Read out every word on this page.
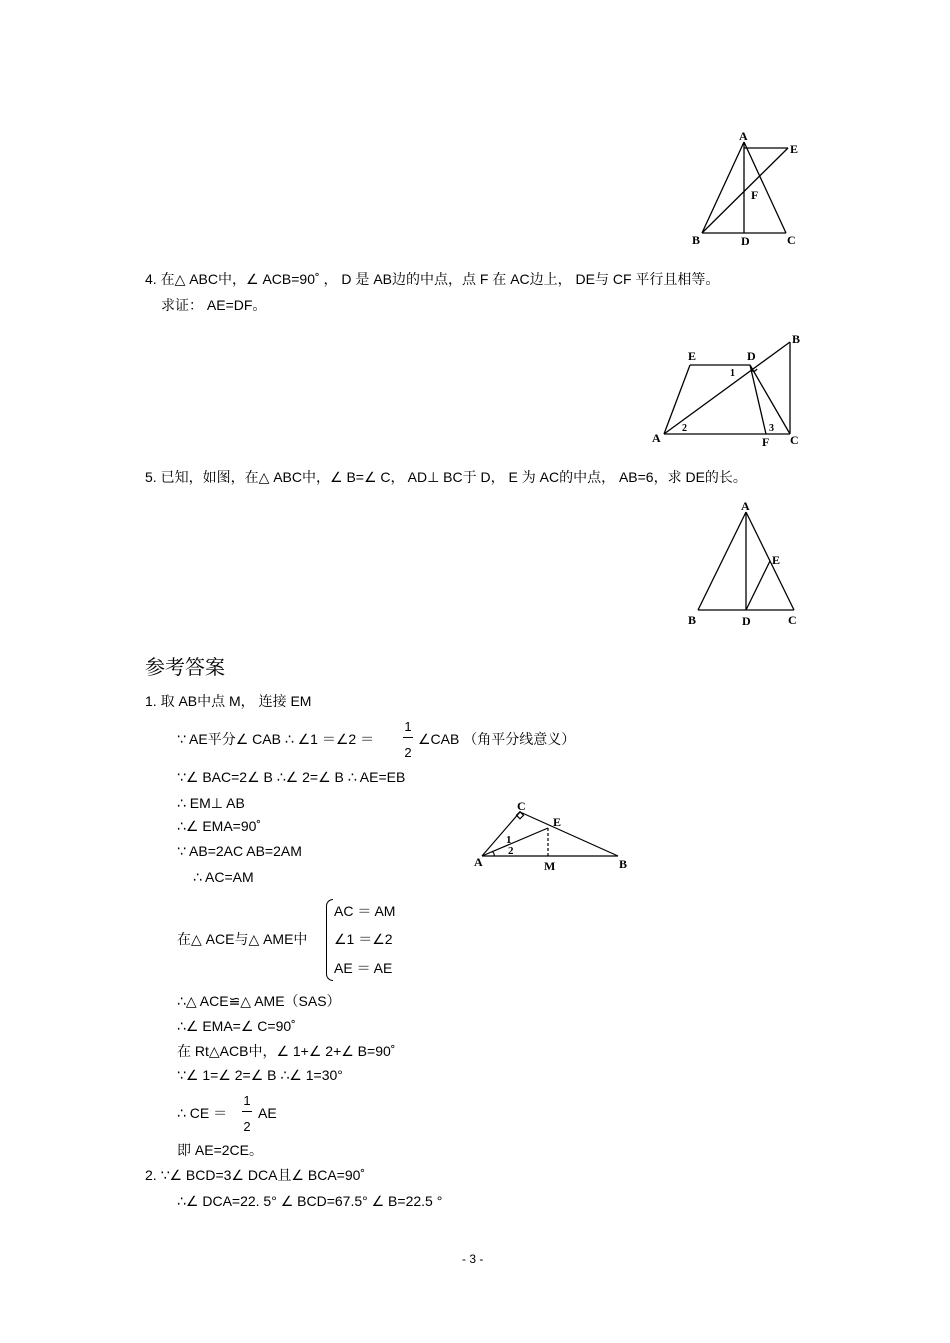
A
E
F
B	D	C
4. 在△ ABC中，∠ ACB=90˚ ， D 是 AB边的中点，点 F 在 AC边上， DE与 CF 平行且相等。
求证： AE=DF。
E	D
B
1
A
2	3
F C
5. 已知，如图，在△ ABC中，∠ B=∠ C， AD⊥ BC于 D， E 为 AC的中点， AB=6，求 DE的长。
A
E
B	D	C
参考答案
1. 取 AB中点 M， 连接 EM
∵ AE平分∠ CAB ∴ ∠1 ＝∠2 ＝
1
2
∠CAB （角平分线意义）
∵∠ BAC=2∠ B ∴∠ 2=∠ B ∴ AE=EB
∴ EM⊥ AB
∴∠ EMA=90˚
∵ AB=2AC AB=2AM
∴ AC=AM
C
E
1
2
A	M	B
在△ ACE与△ AME中
AC ＝ AM
∠1 ＝∠2
AE ＝ AE
∴△ ACE≌△ AME（SAS）
∴∠ EMA=∠ C=90˚
在 Rt△ACB中，∠ 1+∠ 2+∠ B=90˚
∵∠ 1=∠ 2=∠ B ∴∠ 1=30°
∴ CE ＝
1
2
AE
即 AE=2CE。
2. ∵∠ BCD=3∠ DCA且∠ BCA=90˚
∴∠ DCA=22. 5° ∠ BCD=67.5° ∠ B=22.5 °
- 3 -
